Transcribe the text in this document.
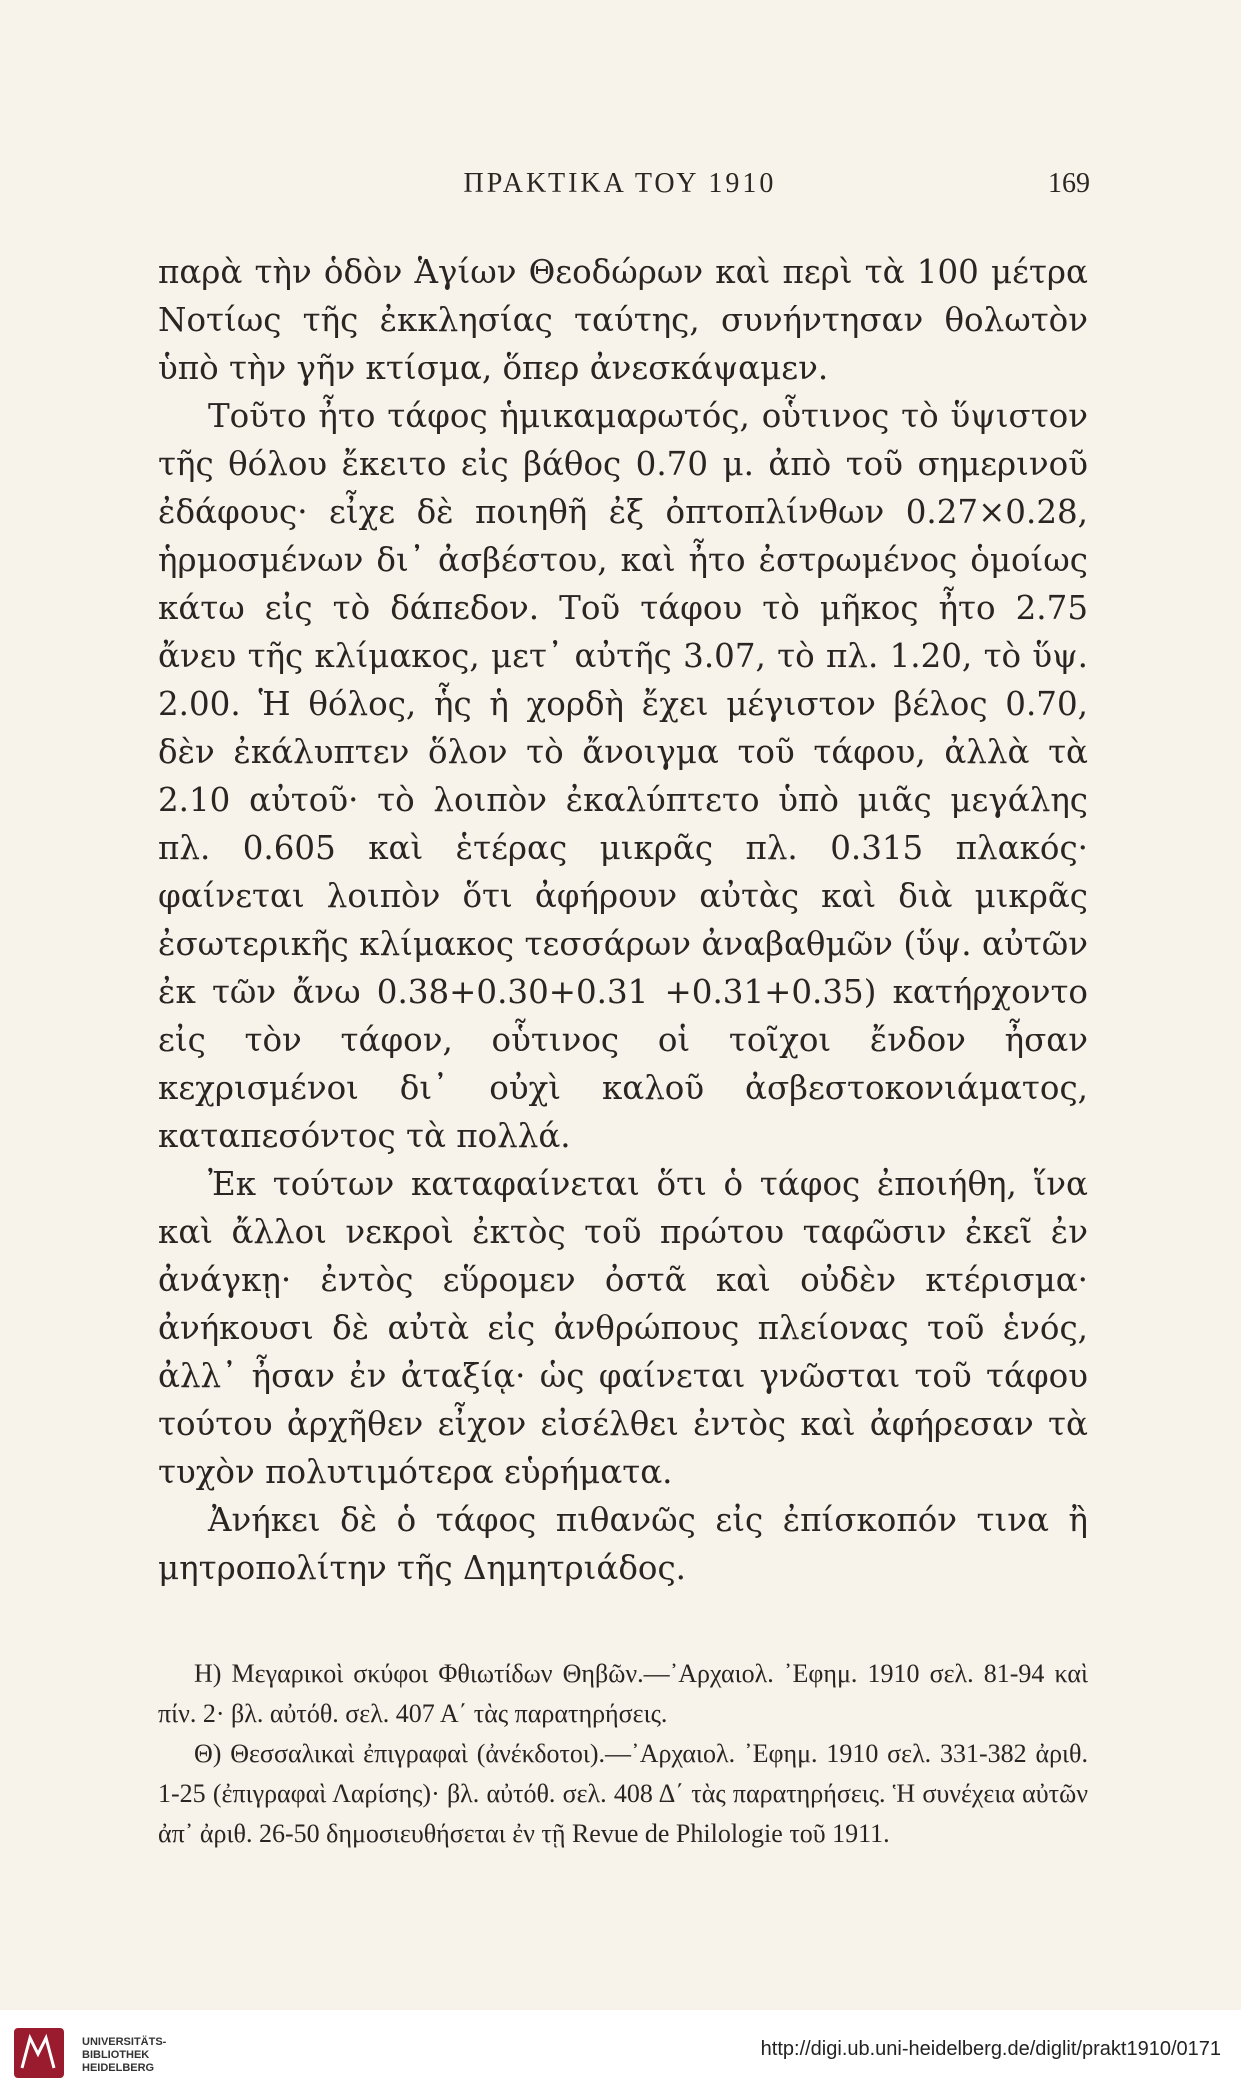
ΠΡΑΚΤΙΚΑ ΤΟΥ 1910	169

παρὰ τὴν ὁδὸν Ἁγίων Θεοδώρων καὶ περὶ τὰ 100 μέτρα Νοτίως τῆς ἐκκλησίας ταύτης, συνήντησαν θολωτὸν ὑπὸ τὴν γῆν κτίσμα, ὅπερ ἀνεσκάψαμεν.

Τοῦτο ἦτο τάφος ἡμικαμαρωτός, οὗτινος τὸ ὕψιστον τῆς θόλου ἔκειτο εἰς βάθος 0.70 μ. ἀπὸ τοῦ σημερινοῦ ἐδάφους· εἶχε δὲ ποιηθῆ ἐξ ὀπτοπλίνθων 0.27×0.28, ἡρμοσμένων δι᾿ ἀσβέστου, καὶ ἦτο ἐστρωμένος ὁμοίως κάτω εἰς τὸ δάπεδον. Τοῦ τάφου τὸ μῆκος ἦτο 2.75 ἄνευ τῆς κλίμακος, μετ᾿ αὐτῆς 3.07, τὸ πλ. 1.20, τὸ ὕψ. 2.00. Ἡ θόλος, ἧς ἡ χορδὴ ἔχει μέγιστον βέλος 0.70, δὲν ἐκάλυπτεν ὅλον τὸ ἄνοιγμα τοῦ τάφου, ἀλλὰ τὰ 2.10 αὐτοῦ· τὸ λοιπὸν ἐκαλύπτετο ὑπὸ μιᾶς μεγάλης πλ. 0.605 καὶ ἑτέρας μικρᾶς πλ. 0.315 πλακός· φαίνεται λοιπὸν ὅτι ἀφήρουν αὐτὰς καὶ διὰ μικρᾶς ἐσωτερικῆς κλίμακος τεσσάρων ἀναβαθμῶν (ὕψ. αὐτῶν ἐκ τῶν ἄνω 0.38+0.30+0.31 +0.31+0.35) κατήρχοντο εἰς τὸν τάφον, οὗτινος οἱ τοῖχοι ἔνδον ἦσαν κεχρισμένοι δι᾿ οὐχὶ καλοῦ ἀσβεστοκονιάματος, καταπεσόντος τὰ πολλά.

Ἐκ τούτων καταφαίνεται ὅτι ὁ τάφος ἐποιήθη, ἵνα καὶ ἄλλοι νεκροὶ ἐκτὸς τοῦ πρώτου ταφῶσιν ἐκεῖ ἐν ἀνάγκῃ· ἐντὸς εὕρομεν ὀστᾶ καὶ οὐδὲν κτέρισμα· ἀνήκουσι δὲ αὐτὰ εἰς ἀνθρώπους πλείονας τοῦ ἑνός, ἀλλ᾿ ἦσαν ἐν ἀταξίᾳ· ὡς φαίνεται γνῶσται τοῦ τάφου τούτου ἀρχῆθεν εἶχον εἰσέλθει ἐντὸς καὶ ἀφήρεσαν τὰ τυχὸν πολυτιμότερα εὑρήματα.

Ἀνήκει δὲ ὁ τάφος πιθανῶς εἰς ἐπίσκοπόν τινα ἢ μητροπολίτην τῆς Δημητριάδος.

Η) Μεγαρικοὶ σκύφοι Φθιωτίδων Θηβῶν.—᾿Αρχαιολ. ᾿Εφημ. 1910 σελ. 81-94 καὶ πίν. 2· βλ. αὐτόθ. σελ. 407 Α΄ τὰς παρατηρήσεις.

Θ) Θεσσαλικαὶ ἐπιγραφαὶ (ἀνέκδοτοι).—᾿Αρχαιολ. ᾿Εφημ. 1910 σελ. 331-382 ἀριθ. 1-25 (ἐπιγραφαὶ Λαρίσης)· βλ. αὐτόθ. σελ. 408 Δ΄ τὰς παρατηρήσεις. Ἡ συνέχεια αὐτῶν ἀπ᾿ ἀριθ. 26-50 δημοσιευθήσεται ἐν τῇ Revue de Philologie τοῦ 1911.

UNIVERSITÄTS-
BIBLIOTHEK
HEIDELBERG
http://digi.ub.uni-heidelberg.de/diglit/prakt1910/0171
